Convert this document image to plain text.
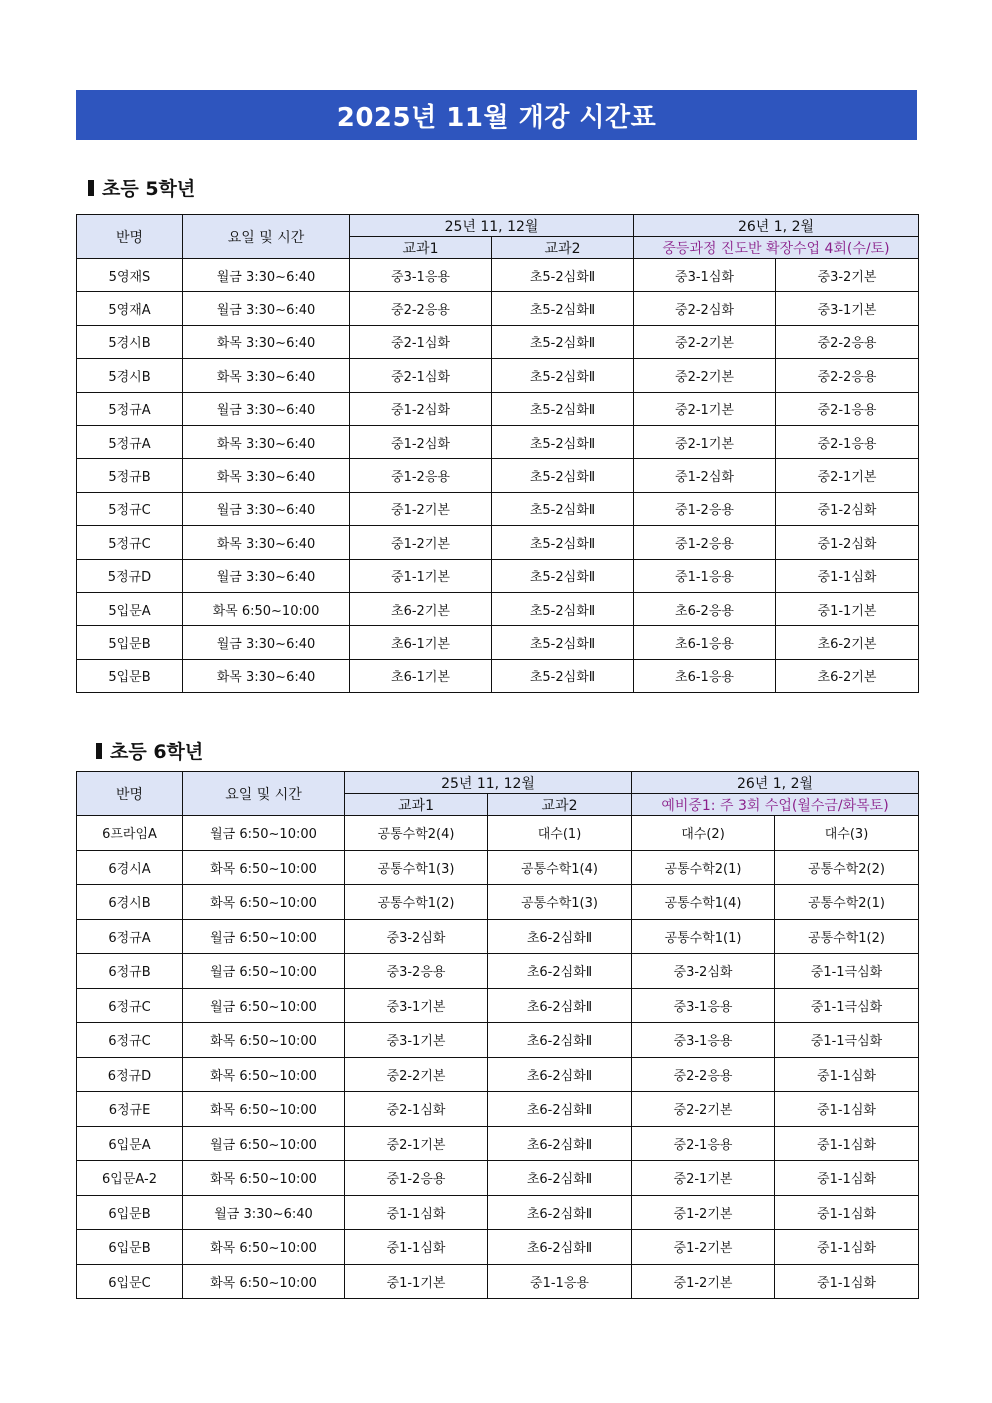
2025년 11월 개강 시간표
초등 5학년
반명	요일 및 시간	25년 11, 12월		26년 1, 2월	
		교과1	교과2	중등과정 진도반 확장수업 4회(수/토)	
5영재S	월금 3:30~6:40	중3-1응용	초5-2심화Ⅱ	중3-1심화	중3-2기본
5영재A	월금 3:30~6:40	중2-2응용	초5-2심화Ⅱ	중2-2심화	중3-1기본
5경시B	화목 3:30~6:40	중2-1심화	초5-2심화Ⅱ	중2-2기본	중2-2응용
5경시B	화목 3:30~6:40	중2-1심화	초5-2심화Ⅱ	중2-2기본	중2-2응용
5정규A	월금 3:30~6:40	중1-2심화	초5-2심화Ⅱ	중2-1기본	중2-1응용
5정규A	화목 3:30~6:40	중1-2심화	초5-2심화Ⅱ	중2-1기본	중2-1응용
5정규B	화목 3:30~6:40	중1-2응용	초5-2심화Ⅱ	중1-2심화	중2-1기본
5정규C	월금 3:30~6:40	중1-2기본	초5-2심화Ⅱ	중1-2응용	중1-2심화
5정규C	화목 3:30~6:40	중1-2기본	초5-2심화Ⅱ	중1-2응용	중1-2심화
5정규D	월금 3:30~6:40	중1-1기본	초5-2심화Ⅱ	중1-1응용	중1-1심화
5입문A	화목 6:50~10:00	초6-2기본	초5-2심화Ⅱ	초6-2응용	중1-1기본
5입문B	월금 3:30~6:40	초6-1기본	초5-2심화Ⅱ	초6-1응용	초6-2기본
5입문B	화목 3:30~6:40	초6-1기본	초5-2심화Ⅱ	초6-1응용	초6-2기본
초등 6학년
반명	요일 및 시간	25년 11, 12월		26년 1, 2월	
		교과1	교과2	예비중1: 주 3회 수업(월수금/화목토)	
6프라임A	월금 6:50~10:00	공통수학2(4)	대수(1)	대수(2)	대수(3)
6경시A	화목 6:50~10:00	공통수학1(3)	공통수학1(4)	공통수학2(1)	공통수학2(2)
6경시B	화목 6:50~10:00	공통수학1(2)	공통수학1(3)	공통수학1(4)	공통수학2(1)
6정규A	월금 6:50~10:00	중3-2심화	초6-2심화Ⅱ	공통수학1(1)	공통수학1(2)
6정규B	월금 6:50~10:00	중3-2응용	초6-2심화Ⅱ	중3-2심화	중1-1극심화
6정규C	월금 6:50~10:00	중3-1기본	초6-2심화Ⅱ	중3-1응용	중1-1극심화
6정규C	화목 6:50~10:00	중3-1기본	초6-2심화Ⅱ	중3-1응용	중1-1극심화
6정규D	화목 6:50~10:00	중2-2기본	초6-2심화Ⅱ	중2-2응용	중1-1심화
6정규E	화목 6:50~10:00	중2-1심화	초6-2심화Ⅱ	중2-2기본	중1-1심화
6입문A	월금 6:50~10:00	중2-1기본	초6-2심화Ⅱ	중2-1응용	중1-1심화
6입문A-2	화목 6:50~10:00	중1-2응용	초6-2심화Ⅱ	중2-1기본	중1-1심화
6입문B	월금 3:30~6:40	중1-1심화	초6-2심화Ⅱ	중1-2기본	중1-1심화
6입문B	화목 6:50~10:00	중1-1심화	초6-2심화Ⅱ	중1-2기본	중1-1심화
6입문C	화목 6:50~10:00	중1-1기본	중1-1응용	중1-2기본	중1-1심화
